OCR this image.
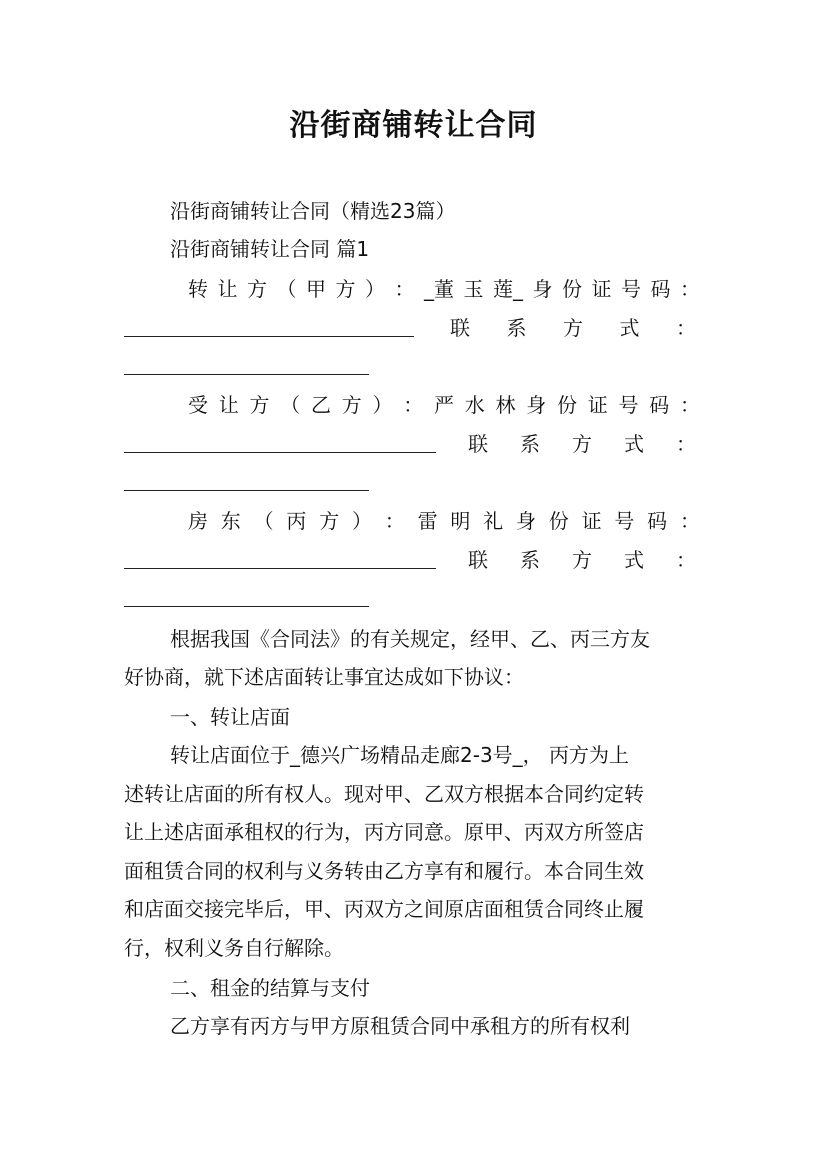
沿街商铺转让合同
沿街商铺转让合同（精选23篇）
沿街商铺转让合同 篇1
转 让 方 （ 甲 方 ） ： _董 玉 莲_ 身 份 证 号 码 ：
联 系 方 式 ：
受 让 方 （ 乙 方 ） ： 严 水 林 身 份 证 号 码 ：
联 系 方 式 ：
房 东 （ 丙 方 ） ： 雷 明 礼 身 份 证 号 码 ：
联 系 方 式 ：
根据我国《合同法》的有关规定，经甲、乙、丙三方友
好协商，就下述店面转让事宜达成如下协议：
一、转让店面
转让店面位于_德兴广场精品走廊2-3号_， 丙方为上
述转让店面的所有权人。现对甲、乙双方根据本合同约定转
让上述店面承租权的行为，丙方同意。原甲、丙双方所签店
面租赁合同的权利与义务转由乙方享有和履行。本合同生效
和店面交接完毕后，甲、丙双方之间原店面租赁合同终止履
行，权利义务自行解除。
二、租金的结算与支付
乙方享有丙方与甲方原租赁合同中承租方的所有权利
